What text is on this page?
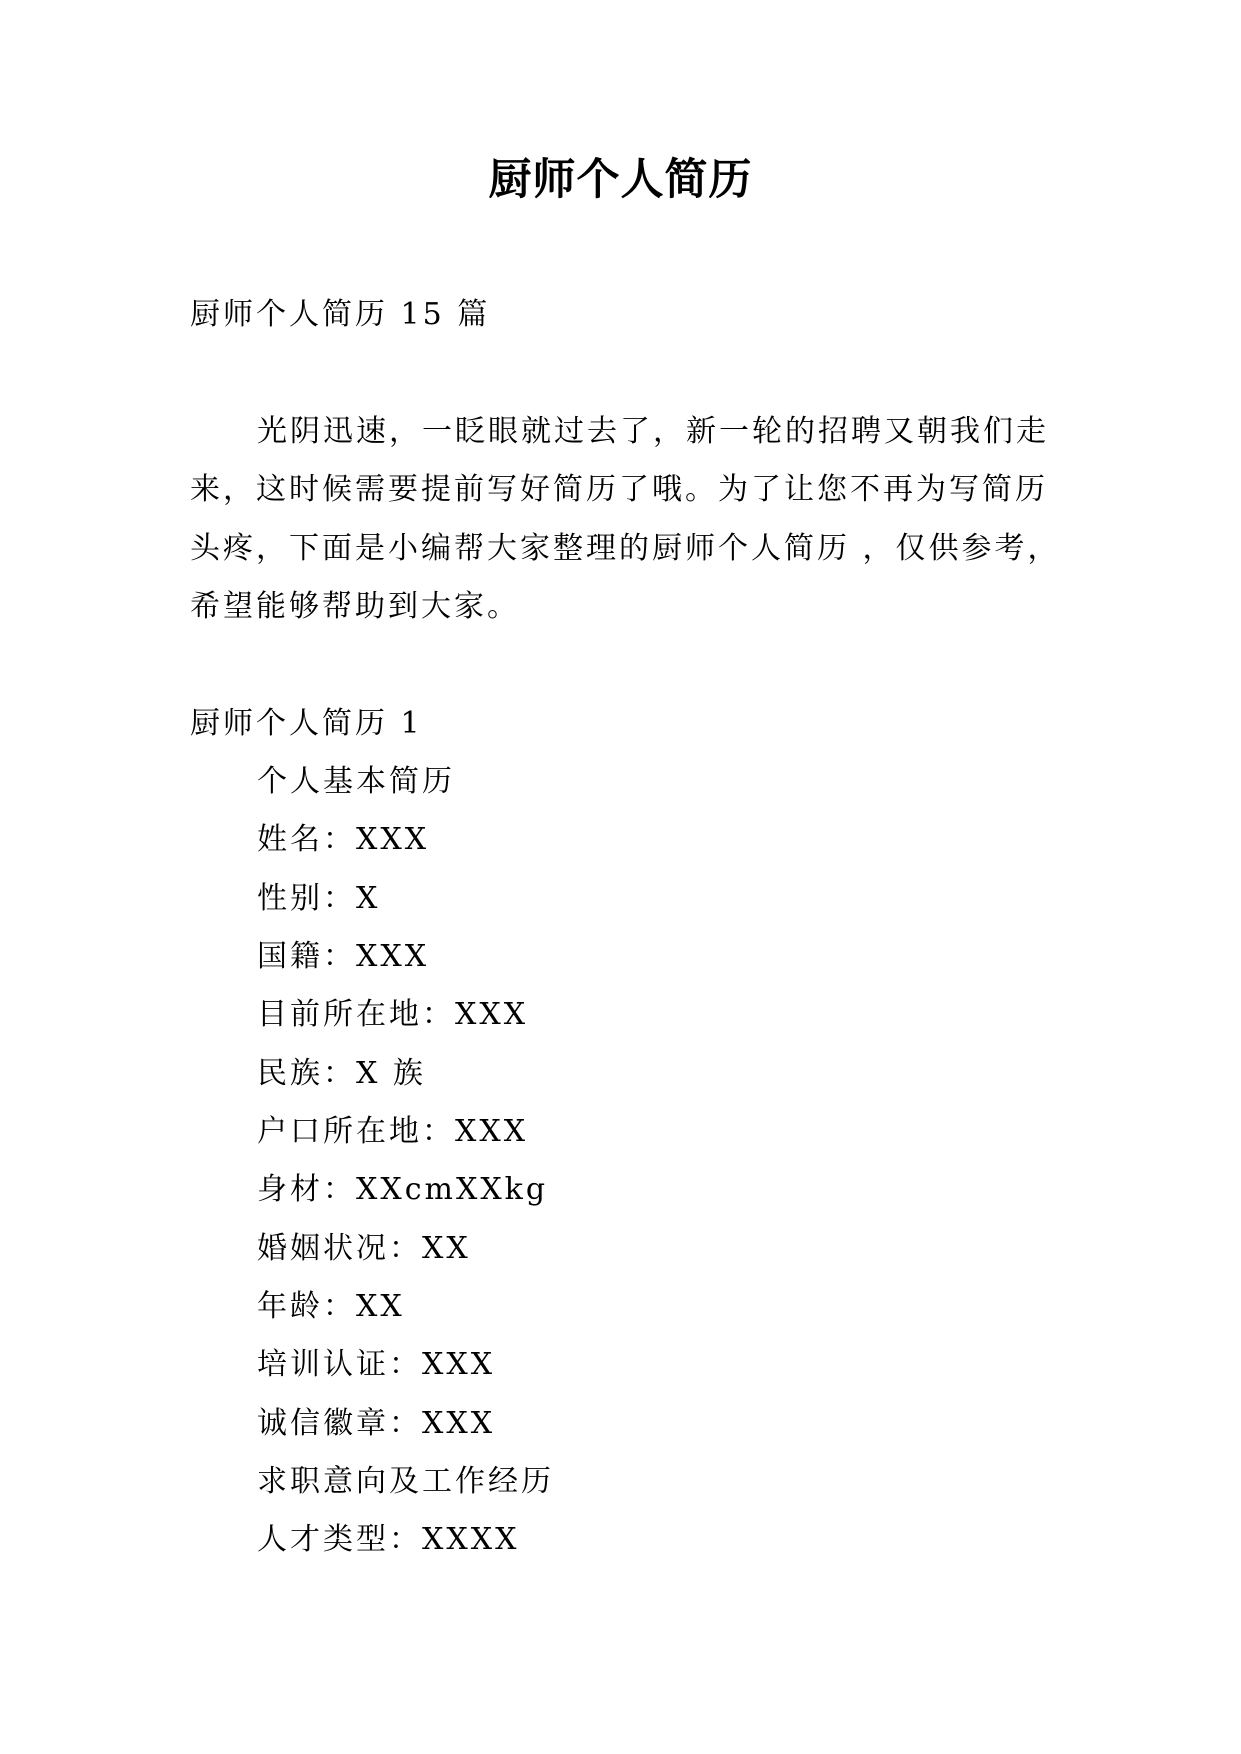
厨师个人简历
厨师个人简历 15 篇
光阴迅速，一眨眼就过去了，新一轮的招聘又朝我们走
来，这时候需要提前写好简历了哦。为了让您不再为写简历
头疼，下面是小编帮大家整理的厨师个人简历 ，仅供参考，
希望能够帮助到大家。
厨师个人简历 1
个人基本简历
姓名：XXX
性别：X
国籍：XXX
目前所在地：XXX
民族：X 族
户口所在地：XXX
身材：XXcmXXkg
婚姻状况：XX
年龄：XX
培训认证：XXX
诚信徽章：XXX
求职意向及工作经历
人才类型：XXXX
